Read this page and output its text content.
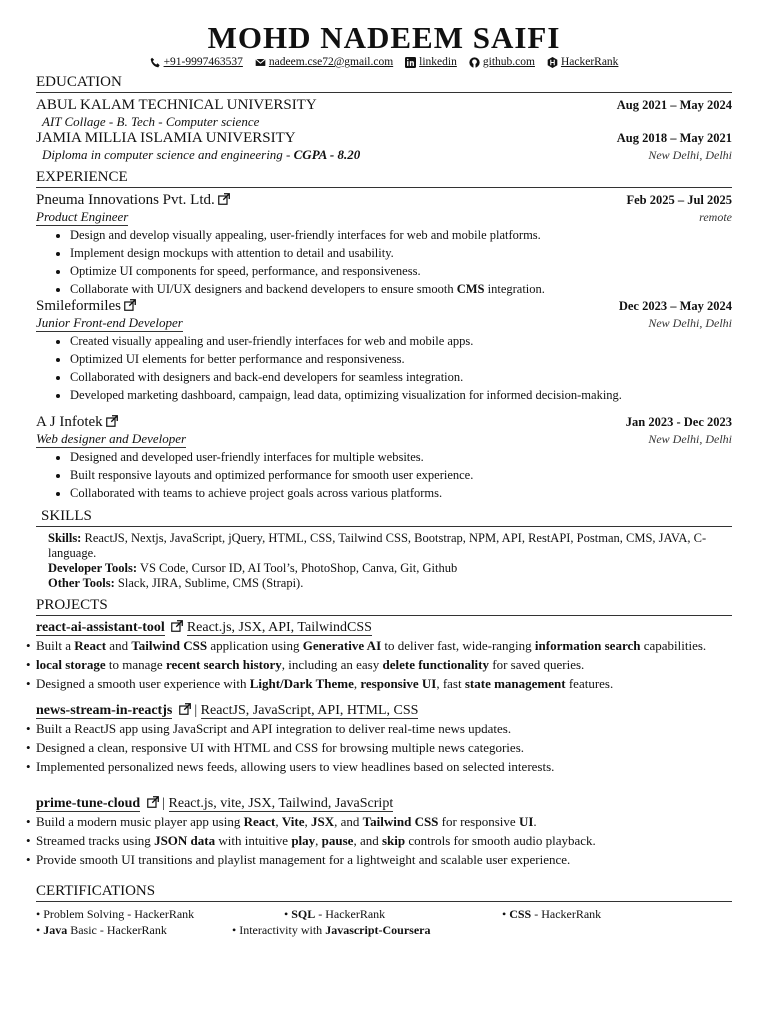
MOHD NADEEM SAIFI
+91-9997463537 nadeem.cse72@gmail.com linkedin github.com HackerRank
EDUCATION
ABUL KALAM TECHNICAL UNIVERSITY	Aug 2021 – May 2024
AIT Collage - B. Tech - Computer science
JAMIA MILLIA ISLAMIA UNIVERSITY	Aug 2018 – May 2021
Diploma in computer science and engineering - CGPA - 8.20	New Delhi, Delhi
EXPERIENCE
Pneuma Innovations Pvt. Ltd.	Feb 2025 – Jul 2025
Product Engineer	remote
• Design and develop visually appealing, user-friendly interfaces for web and mobile platforms.
• Implement design mockups with attention to detail and usability.
• Optimize UI components for speed, performance, and responsiveness.
• Collaborate with UI/UX designers and backend developers to ensure smooth CMS integration.
Smileformiles	Dec 2023 – May 2024
Junior Front-end Developer	New Delhi, Delhi
• Created visually appealing and user-friendly interfaces for web and mobile apps.
• Optimized UI elements for better performance and responsiveness.
• Collaborated with designers and back-end developers for seamless integration.
• Developed marketing dashboard, campaign, lead data, optimizing visualization for informed decision-making.
A J Infotek	Jan 2023 - Dec 2023
Web designer and Developer	New Delhi, Delhi
• Designed and developed user-friendly interfaces for multiple websites.
• Built responsive layouts and optimized performance for smooth user experience.
• Collaborated with teams to achieve project goals across various platforms.
SKILLS
Skills: ReactJS, Nextjs, JavaScript, jQuery, HTML, CSS, Tailwind CSS, Bootstrap, NPM, API, RestAPI, Postman, CMS, JAVA, C-language.
Developer Tools: VS Code, Cursor ID, AI Tool’s, PhotoShop, Canva, Git, Github
Other Tools: Slack, JIRA, Sublime, CMS (Strapi).
PROJECTS
react-ai-assistant-tool  React.js, JSX, API, TailwindCSS
• Built a React and Tailwind CSS application using Generative AI to deliver fast, wide-ranging information search capabilities.
• local storage to manage recent search history, including an easy delete functionality for saved queries.
• Designed a smooth user experience with Light/Dark Theme, responsive UI, fast state management features.
news-stream-in-reactjs  | ReactJS, JavaScript, API, HTML, CSS
• Built a ReactJS app using JavaScript and API integration to deliver real-time news updates.
• Designed a clean, responsive UI with HTML and CSS for browsing multiple news categories.
• Implemented personalized news feeds, allowing users to view headlines based on selected interests.
prime-tune-cloud  | Reac​t.js, vite, JSX, Tailwind, JavaScript
• Build a modern music player app using React, Vite, JSX, and Tailwind CSS for responsive UI.
• Streamed tracks using JSON data with intuitive play, pause, and skip controls for smooth audio playback.
• Provide smooth UI transitions and playlist management for a lightweight and scalable user experience.
CERTIFICATIONS
• Problem Solving - HackerRank	• SQL - HackerRank	• CSS - HackerRank
• Java Basic - HackerRank	• Interactivity with Javascript-Coursera
